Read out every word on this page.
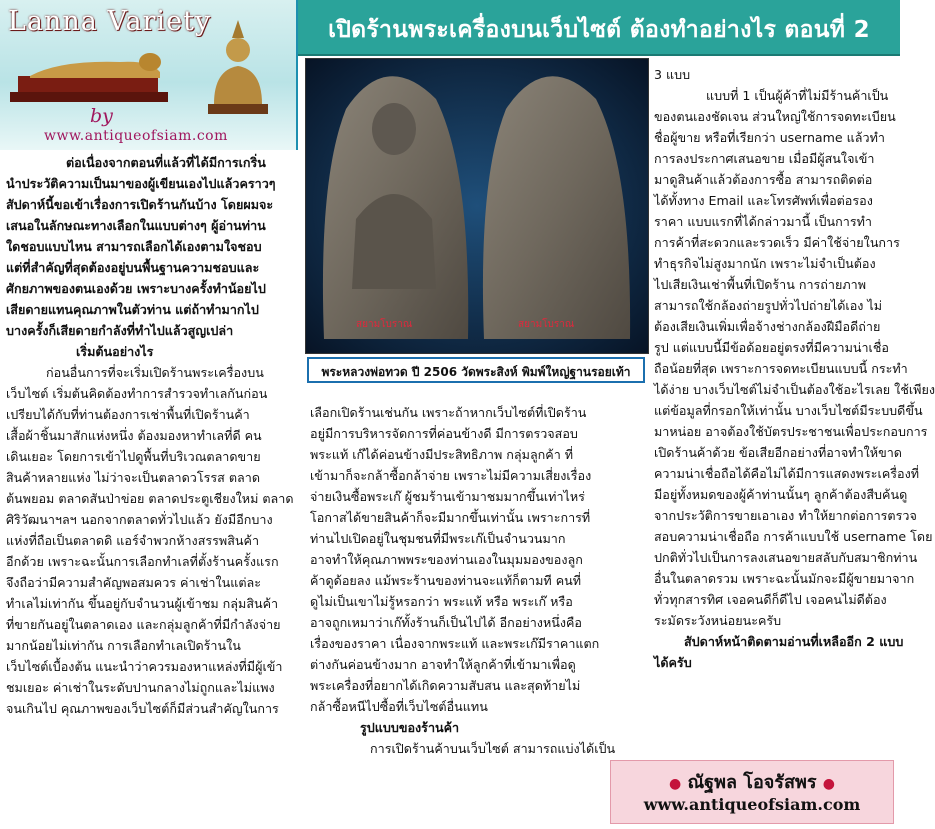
Lanna Variety
by
www.antiqueofsiam.com
เปิดร้านพระเครื่องบนเว็บไซต์ ต้องทำอย่างไร ตอนที่ 2
สยามโบราณ	สยามโบราณ
พระหลวงพ่อทวด ปี 2506 วัดพระสิงห์ พิมพ์ใหญ่ฐานรอยเท้า
ต่อเนื่องจากตอนที่แล้วที่ได้มีการเกริ่น
นำประวัติความเป็นมาของผู้เขียนเองไปแล้วคราวๆ
สัปดาห์นี้ขอเข้าเรื่องการเปิดร้านกันบ้าง โดยผมจะ
เสนอในลักษณะทางเลือกในแบบต่างๆ ผู้อ่านท่าน
ใดชอบแบบไหน สามารถเลือกได้เองตามใจชอบ
แต่ที่สำคัญที่สุดต้องอยู่บนพื้นฐานความชอบและ
ศักยภาพของตนเองด้วย เพราะบางครั้งทำน้อยไป
เสียดายแทนคุณภาพในตัวท่าน แต่ถ้าทำมากไป
บางครั้งก็เสียดายกำลังที่ทำไปแล้วสูญเปล่า
เริ่มต้นอย่างไร
ก่อนอื่นการที่จะเริ่มเปิดร้านพระเครื่องบน
เว็บไซต์ เริ่มต้นคิดต้องทำการสำรวจทำเลกันก่อน
เปรียบได้กับที่ท่านต้องการเช่าพื้นที่เปิดร้านค้า
เสื้อผ้าชิ้นมาสักแห่งหนึ่ง ต้องมองหาทำเลที่ดี คน
เดินเยอะ โดยการเข้าไปดูพื้นที่บริเวณตลาดขาย
สินค้าหลายแห่ง ไม่ว่าจะเป็นตลาดวโรรส ตลาด
ต้นพยอม ตลาดสันป่าข่อย ตลาดประตูเชียงใหม่ ตลาด
ศิริวัฒนาฯลฯ นอกจากตลาดทั่วไปแล้ว ยังมีอีกบาง
แห่งที่ถือเป็นตลาดดิ แอร์จำพวกห้างสรรพสินค้า
อีกด้วย เพราะฉะนั้นการเลือกทำเลที่ตั้งร้านครั้งแรก
จึงถือว่ามีความสำคัญพอสมควร ค่าเช่าในแต่ละ
ทำเลไม่เท่ากัน ขึ้นอยู่กับจำนวนผู้เข้าชม กลุ่มสินค้า
ที่ขายกันอยู่ในตลาดเอง และกลุ่มลูกค้าที่มีกำลังจ่าย
มากน้อยไม่เท่ากัน การเลือกทำเลเปิดร้านใน
เว็บไซต์เบื้องต้น แนะนำว่าควรมองหาแหล่งที่มีผู้เข้า
ชมเยอะ ค่าเช่าในระดับปานกลางไม่ถูกและไม่แพง
จนเกินไป คุณภาพของเว็บไซต์ก็มีส่วนสำคัญในการ
เลือกเปิดร้านเช่นกัน เพราะถ้าหากเว็บไซต์ที่เปิดร้าน
อยู่มีการบริหารจัดการที่ค่อนข้างดี มีการตรวจสอบ
พระแท้ เก๊ได้ค่อนข้างมีประสิทธิภาพ กลุ่มลูกค้า ที่
เข้ามาก็จะกล้าซื้อกล้าจ่าย เพราะไม่มีความเสี่ยงเรื่อง
จ่ายเงินซื้อพระเก๊ ผู้ชมร้านเข้ามาชมมากขึ้นเท่าไหร่
โอกาสได้ขายสินค้าก็จะมีมากขึ้นเท่านั้น เพราะการที่
ท่านไปเปิดอยู่ในชุมชนที่มีพระเก๊เป็นจำนวนมาก
อาจทำให้คุณภาพพระของท่านเองในมุมมองของลูก
ค้าดูด้อยลง แม้พระร้านของท่านจะแท้ก็ตามที คนที่
ดูไม่เป็นเขาไม่รู้หรอกว่า พระแท้ หรือ พระเก๊ หรือ
อาจถูกเหมาว่าเก๊ทั้งร้านก็เป็นไปได้ อีกอย่างหนึ่งคือ
เรื่องของราคา เนื่องจากพระแท้ และพระเก๊มีราคาแตก
ต่างกันค่อนข้างมาก อาจทำให้ลูกค้าที่เข้ามาเพื่อดู
พระเครื่องที่อยากได้เกิดความสับสน และสุดท้ายไม่
กล้าซื้อหนีไปซื้อที่เว็บไซต์อื่นแทน
รูปแบบของร้านค้า
การเปิดร้านค้าบนเว็บไซต์ สามารถแบ่งได้เป็น
3 แบบ
แบบที่ 1 เป็นผู้ค้าที่ไม่มีร้านค้าเป็น
ของตนเองชัดเจน ส่วนใหญ่ใช้การจดทะเบียน
ชื่อผู้ขาย หรือที่เรียกว่า username แล้วทำ
การลงประกาศเสนอขาย เมื่อมีผู้สนใจเข้า
มาดูสินค้าแล้วต้องการซื้อ สามารถติดต่อ
ได้ทั้งทาง Email และโทรศัพท์เพื่อต่อรอง
ราคา แบบแรกที่ได้กล่าวมานี้ เป็นการทำ
การค้าที่สะดวกและรวดเร็ว มีค่าใช้จ่ายในการ
ทำธุรกิจไม่สูงมากนัก เพราะไม่จำเป็นต้อง
ไปเสียเงินเช่าพื้นที่เปิดร้าน การถ่ายภาพ
สามารถใช้กล้องถ่ายรูปทั่วไปถ่ายได้เอง ไม่
ต้องเสียเงินเพิ่มเพื่อจ้างช่างกล้องฝีมือดีถ่าย
รูป แต่แบบนี้มีข้อด้อยอยู่ตรงที่มีความน่าเชื่อ
ถือน้อยที่สุด เพราะการจดทะเบียนแบบนี้ กระทำ
ได้ง่าย บางเว็บไซต์ไม่จำเป็นต้องใช้อะไรเลย ใช้เพียง
แต่ข้อมูลที่กรอกให้เท่านั้น บางเว็บไซต์มีระบบดีขึ้น
มาหน่อย อาจต้องใช้บัตรประชาชนเพื่อประกอบการ
เปิดร้านค้าด้วย ข้อเสียอีกอย่างที่อาจทำให้ขาด
ความน่าเชื่อถือได้คือไม่ได้มีการแสดงพระเครื่องที่
มีอยู่ทั้งหมดของผู้ค้าท่านนั้นๆ ลูกค้าต้องสืบค้นดู
จากประวัติการขายเอาเอง ทำให้ยากต่อการตรวจ
สอบความน่าเชื่อถือ การค้าแบบใช้ username โดย
ปกติทั่วไปเป็นการลงเสนอขายสลับกับสมาชิกท่าน
อื่นในตลาดรวม เพราะฉะนั้นมักจะมีผู้ขายมาจาก
ทั่วทุกสารทิศ เจอคนดีก็ดีไป เจอคนไม่ดีต้อง
ระมัดระวังหน่อยนะครับ
สัปดาห์หน้าติดตามอ่านที่เหลืออีก 2 แบบ
ได้ครับ
● ณัฐพล โอจรัสพร ●
www.antiqueofsiam.com
